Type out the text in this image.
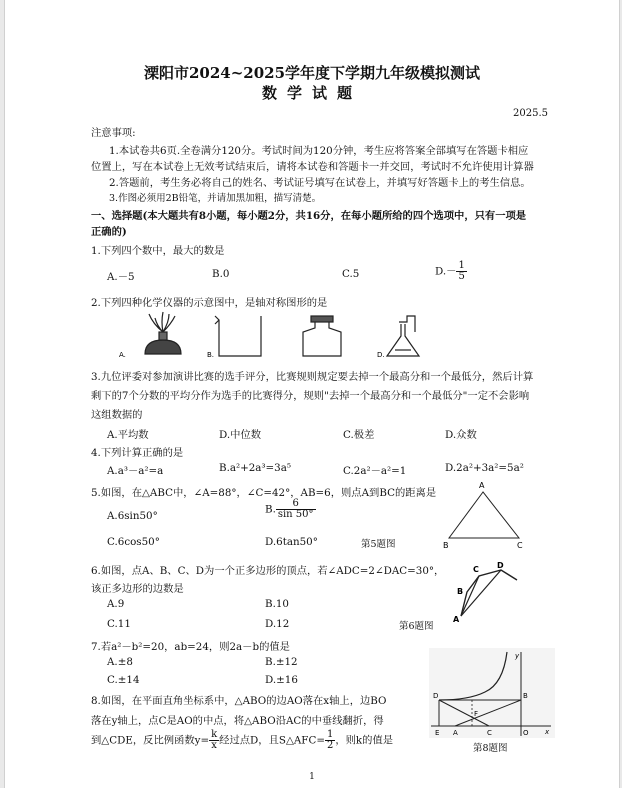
溧阳市2024~2025学年度下学期九年级模拟测试
数学试题
2025.5
注意事项:
1.本试卷共6页.全卷满分120分。考试时间为120分钟，考生应将答案全部填写在答题卡相应
位置上，写在本试卷上无效考试结束后，请将本试卷和答题卡一并交回，考试时不允许使用计算器
2.答题前，考生务必将自己的姓名、考试证号填写在试卷上，并填写好答题卡上的考生信息。
3.作图必须用2B铅笔，并请加黑加粗，描写清楚。
一、选择题(本大题共有8小题，每小题2分，共16分，在每小题所给的四个选项中，只有一项是
正确的)
1.下列四个数中，最大的数是
A.－5	B.0	C.5	$D.- \frac{1}{5}$
2.下列四种化学仪器的示意图中，是轴对称图形的是
A.	B.	D.
3.九位评委对参加演讲比赛的选手评分，比赛规则规定要去掉一个最高分和一个最低分，然后计算
剩下的7个分数的平均分作为选手的比赛得分，规则"去掉一个最高分和一个最低分"一定不会影响
这组数据的
A.平均数	D.中位数	C.极差	D.众数
4.下列计算正确的是
A.a³－a²=a	B.a²+2a³=3a⁵	C.2a²－a²=1	D.2a²+3a²=5a²
5.如图，在△ABC中，∠A=88°，∠C=42°，AB=6，则点A到BC的距离是
A.6sin50°
B. $\frac{6}{\sin 50^\circ}$
C.6cos50°	D.6tan50°	第5题图
A
B	C
6.如图，点A、B、C、D为一个正多边形的顶点，若∠ADC=2∠DAC=30°，
该正多边形的边数是
A.9	B.10
C.11	D.12	第6题图
A
B
C D
7.若a²－b²=20，ab=24，则2a－b的值是
A.±8	B.±12
C.±14	D.±16
8.如图，在平面直角坐标系中，△ABO的边AO落在x轴上，边BO
落在y轴上，点C是AO的中点，将△ABO沿AC的中垂线翻折，得
到△CDE，反比例函数$y= \frac{k}{x}$ 经过点D，且S△AFC= $\frac{1}{2}$ ，则k的值是
第8题图
y
x
D	B
F
E A	C	O
1
